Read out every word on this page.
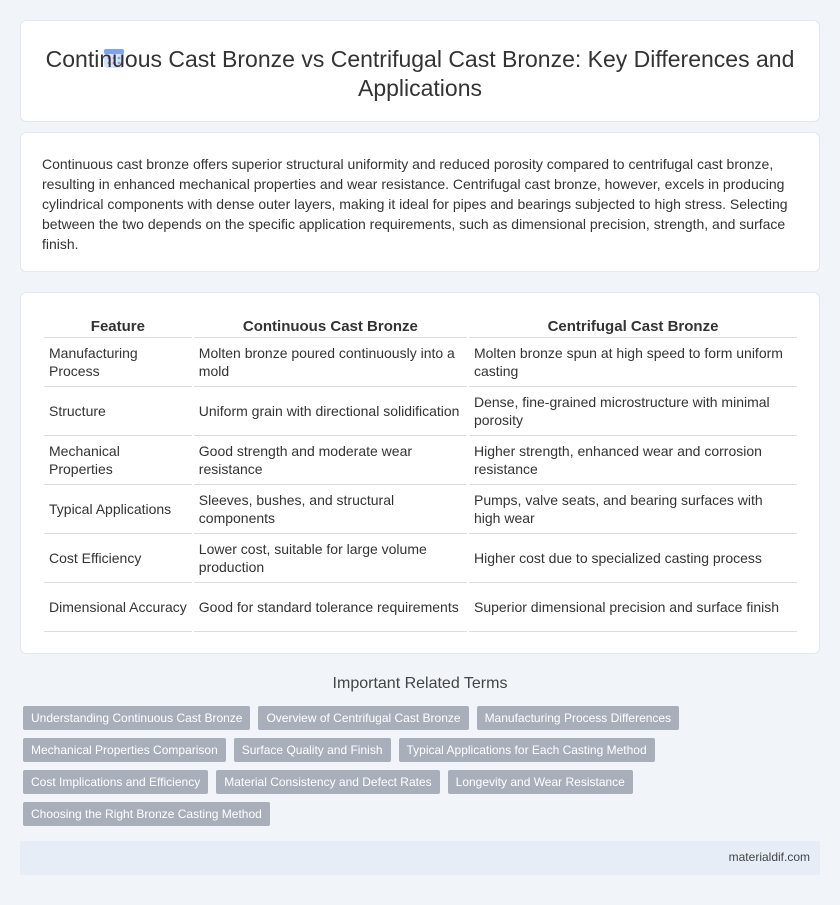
Continuous Cast Bronze vs Centrifugal Cast Bronze: Key Differences and Applications

Continuous cast bronze offers superior structural uniformity and reduced porosity compared to centrifugal cast bronze, resulting in enhanced mechanical properties and wear resistance. Centrifugal cast bronze, however, excels in producing cylindrical components with dense outer layers, making it ideal for pipes and bearings subjected to high stress. Selecting between the two depends on the specific application requirements, such as dimensional precision, strength, and surface finish.

Feature	Continuous Cast Bronze	Centrifugal Cast Bronze
Manufacturing Process	Molten bronze poured continuously into a mold	Molten bronze spun at high speed to form uniform casting
Structure	Uniform grain with directional solidification	Dense, fine-grained microstructure with minimal porosity
Mechanical Properties	Good strength and moderate wear resistance	Higher strength, enhanced wear and corrosion resistance
Typical Applications	Sleeves, bushes, and structural components	Pumps, valve seats, and bearing surfaces with high wear
Cost Efficiency	Lower cost, suitable for large volume production	Higher cost due to specialized casting process
Dimensional Accuracy	Good for standard tolerance requirements	Superior dimensional precision and surface finish
Important Related Terms
Understanding Continuous Cast Bronze	Overview of Centrifugal Cast Bronze	Manufacturing Process Differences
Mechanical Properties Comparison	Surface Quality and Finish	Typical Applications for Each Casting Method
Cost Implications and Efficiency	Material Consistency and Defect Rates	Longevity and Wear Resistance
Choosing the Right Bronze Casting Method
materialdif.com
